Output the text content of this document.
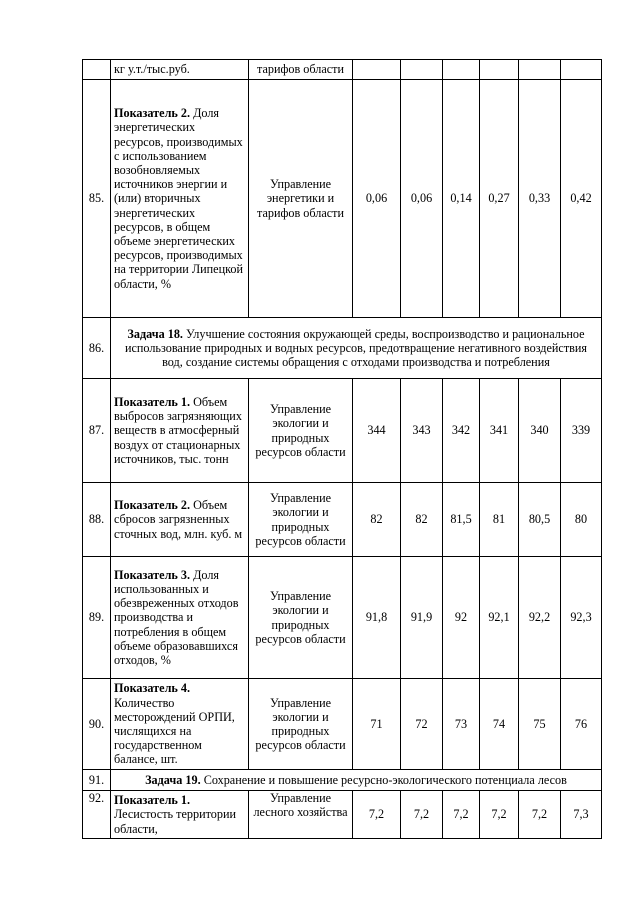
	кг у.т./тыс.руб.	тарифов области						
85.	Показатель 2. Доля энергетических ресурсов, производимых с использованием возобновляемых источников энергии и (или) вторичных энергетических ресурсов, в общем объеме энергетических ресурсов, производимых на территории Липецкой области, %	Управление энергетики и тарифов области	0,06	0,06	0,14	0,27	0,33	0,42
86.	Задача 18. Улучшение состояния окружающей среды, воспроизводство и рациональное использование природных и водных ресурсов, предотвращение негативного воздействия вод, создание системы обращения с отходами производства и потребления							
87.	Показатель 1. Объем выбросов загрязняющих веществ в атмосферный воздух от стационарных источников, тыс. тонн	Управление экологии и природных ресурсов области	344	343	342	341	340	339
88.	Показатель 2. Объем сбросов загрязненных сточных вод, млн. куб. м	Управление экологии и природных ресурсов области	82	82	81,5	81	80,5	80
89.	Показатель 3. Доля использованных и обезвреженных отходов производства и потребления в общем объеме образовавшихся отходов, %	Управление экологии и природных ресурсов области	91,8	91,9	92	92,1	92,2	92,3
90.	Показатель 4. Количество месторождений ОРПИ, числящихся на государственном балансе, шт.	Управление экологии и природных ресурсов области	71	72	73	74	75	76
91.	Задача 19. Сохранение и повышение ресурсно-экологического потенциала лесов							
92.	Показатель 1. Лесистость территории области,	Управление лесного хозяйства	7,2	7,2	7,2	7,2	7,2	7,3
